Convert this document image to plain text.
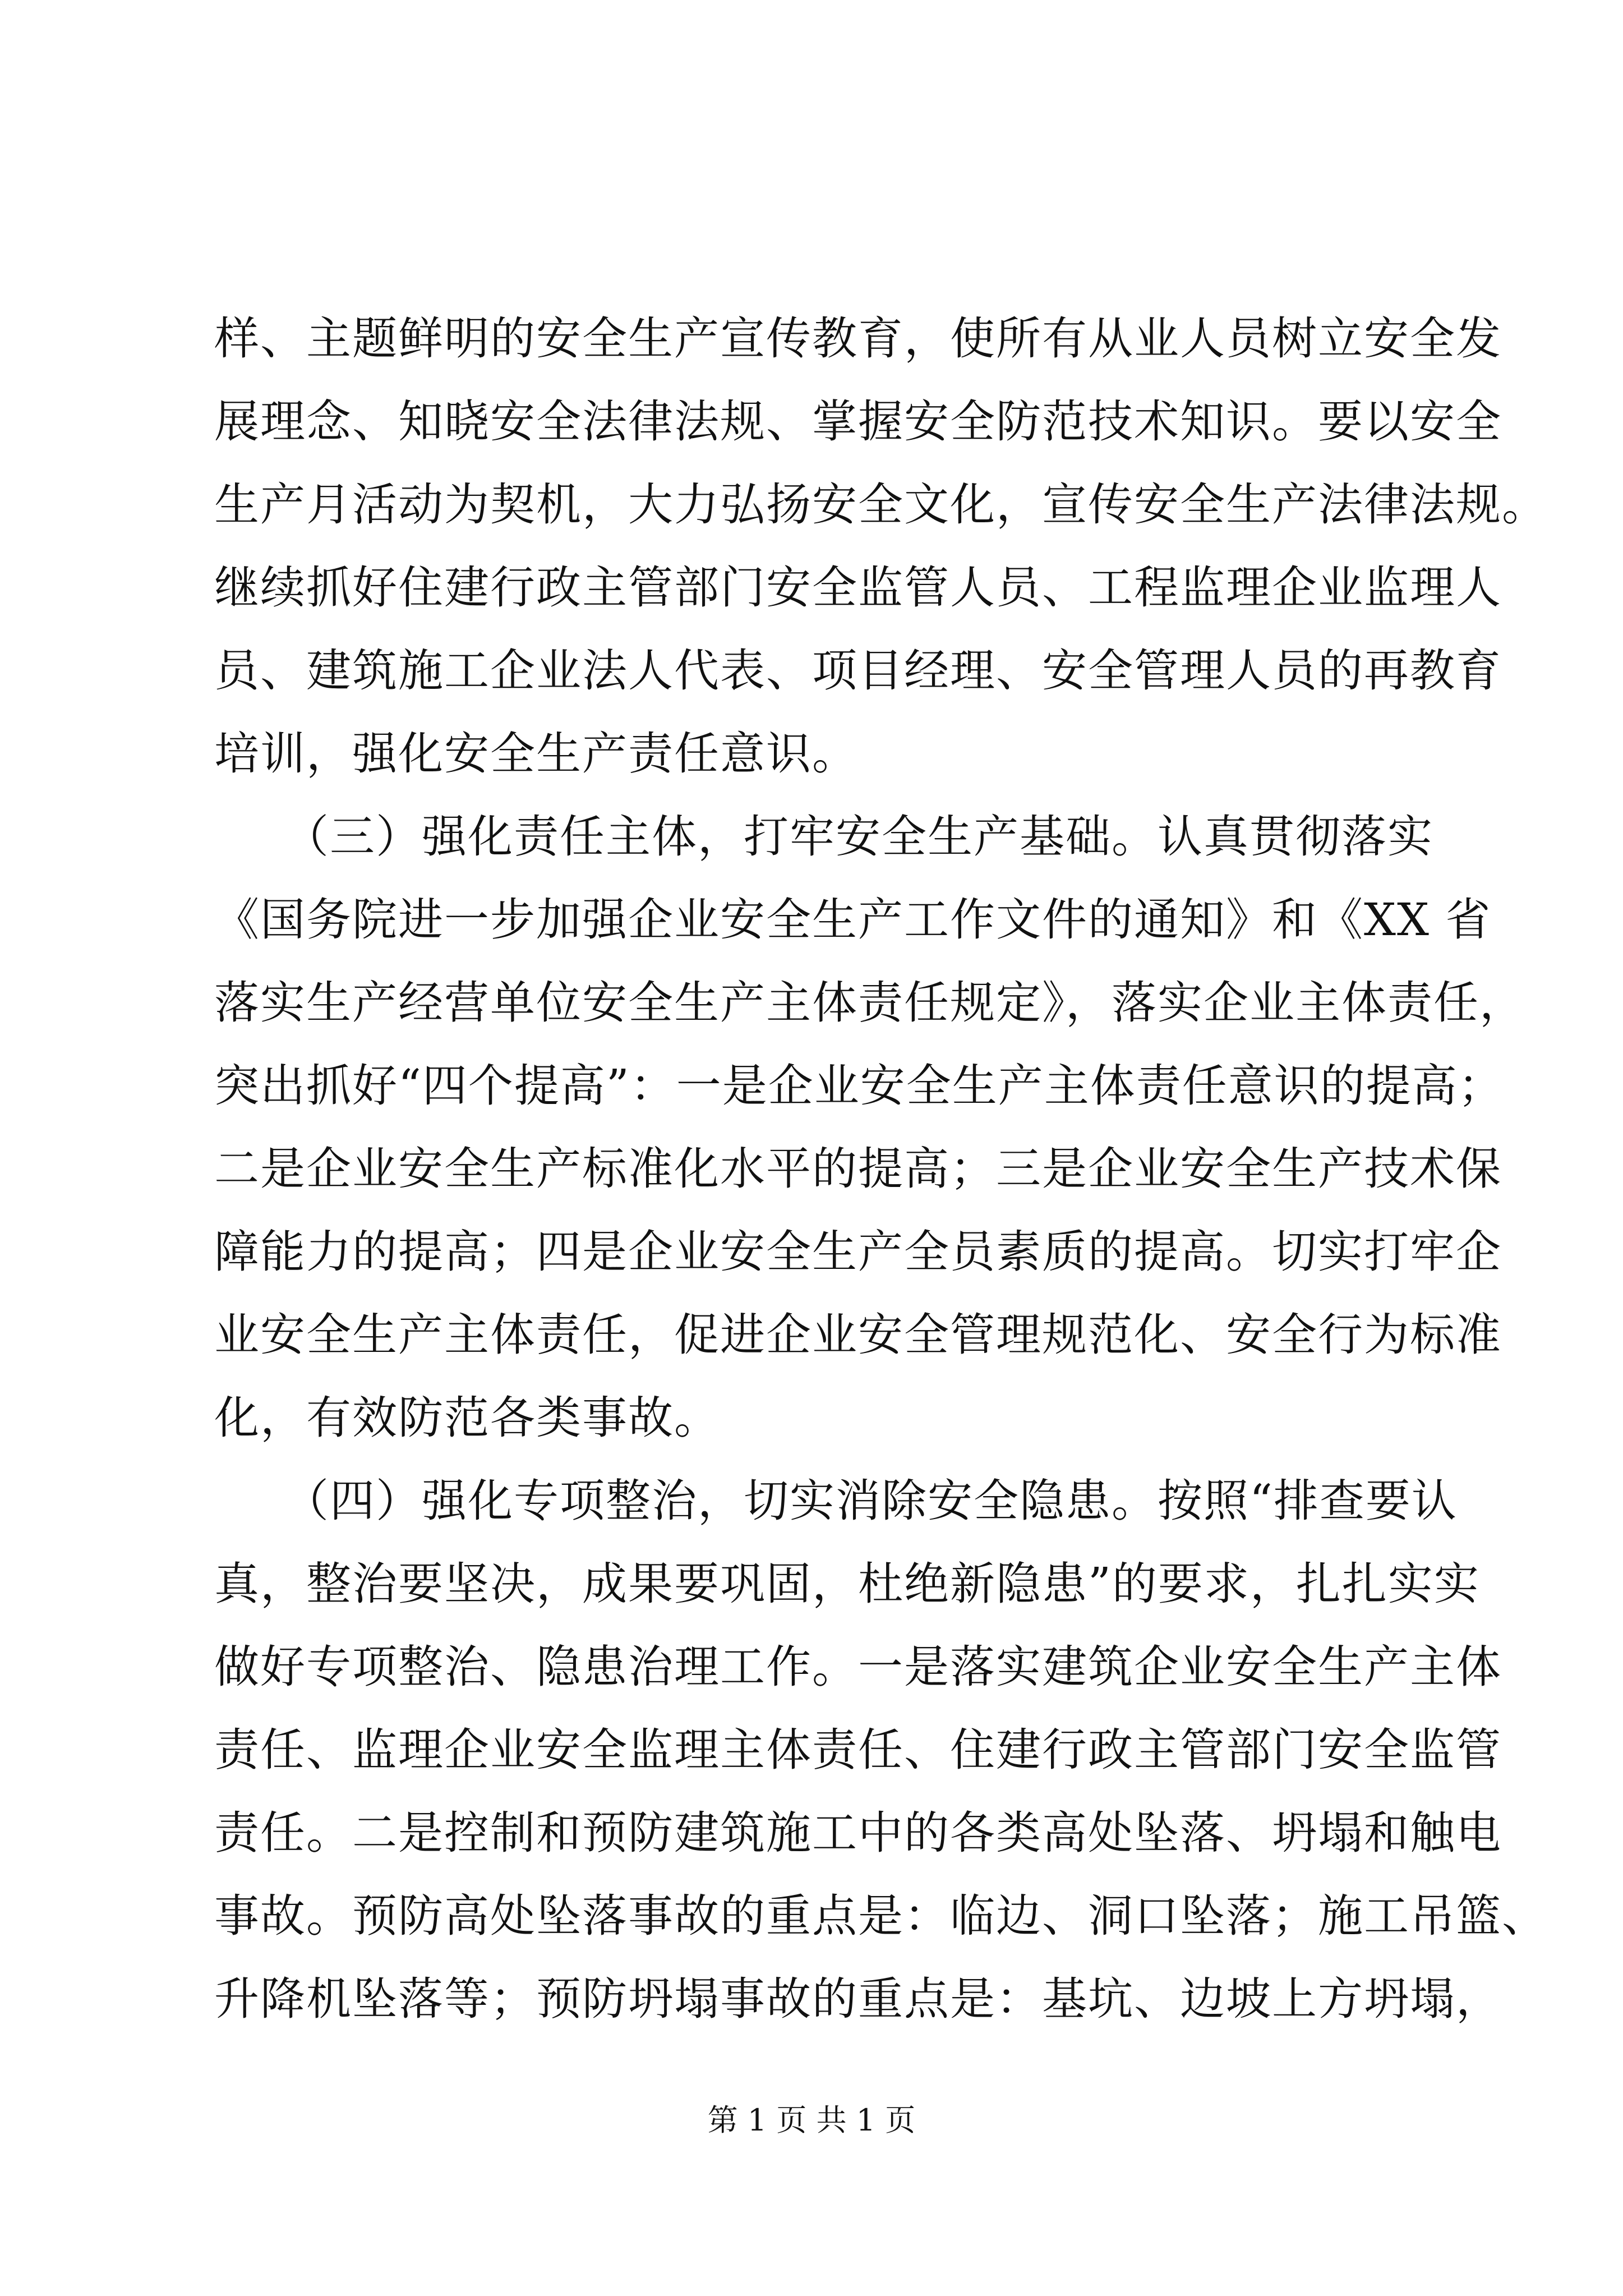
样、主题鲜明的安全生产宣传教育，使所有从业人员树立安全发
展理念、知晓安全法律法规、掌握安全防范技术知识。要以安全
生产月活动为契机，大力弘扬安全文化，宣传安全生产法律法规。
继续抓好住建行政主管部门安全监管人员、工程监理企业监理人
员、建筑施工企业法人代表、项目经理、安全管理人员的再教育
培训，强化安全生产责任意识。
　　（三）强化责任主体，打牢安全生产基础。认真贯彻落实
《国务院进一步加强企业安全生产工作文件的通知》和《XX 省
落实生产经营单位安全生产主体责任规定》，落实企业主体责任，
突出抓好“四个提高”：一是企业安全生产主体责任意识的提高；
二是企业安全生产标准化水平的提高；三是企业安全生产技术保
障能力的提高；四是企业安全生产全员素质的提高。切实打牢企
业安全生产主体责任，促进企业安全管理规范化、安全行为标准
化，有效防范各类事故。
　　（四）强化专项整治，切实消除安全隐患。按照“排查要认
真，整治要坚决，成果要巩固，杜绝新隐患”的要求，扎扎实实
做好专项整治、隐患治理工作。一是落实建筑企业安全生产主体
责任、监理企业安全监理主体责任、住建行政主管部门安全监管
责任。二是控制和预防建筑施工中的各类高处坠落、坍塌和触电
事故。预防高处坠落事故的重点是：临边、洞口坠落；施工吊篮、
升降机坠落等；预防坍塌事故的重点是：基坑、边坡上方坍塌，
第 1 页 共 1 页
